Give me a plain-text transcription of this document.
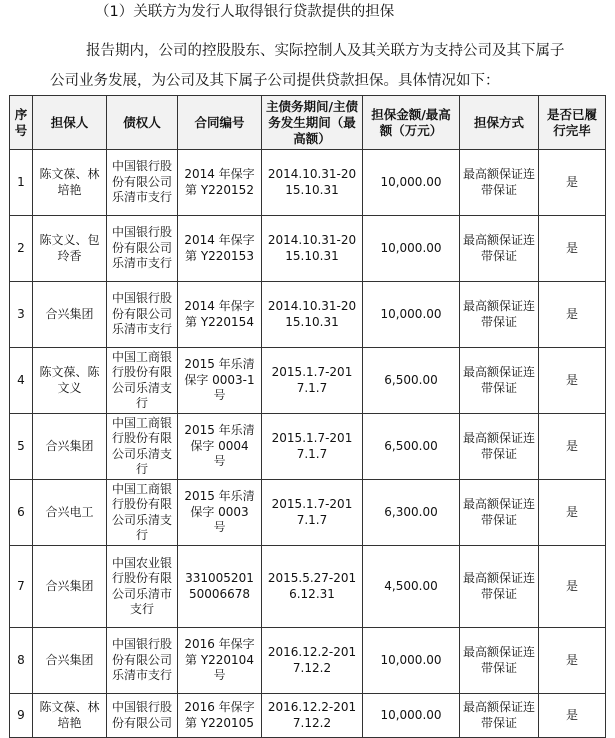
（1）关联方为发行人取得银行贷款提供的担保
报告期内，公司的控股股东、实际控制人及其关联方为支持公司及其下属子
公司业务发展，为公司及其下属子公司提供贷款担保。具体情况如下：
序号	担保人	债权人	合同编号	主债务期间/主债务发生期间（最高额）	担保金额/最高额（万元）	担保方式	是否已履行完毕
1	陈文葆、林培艳	中国银行股份有限公司乐清市支行	2014 年保字第 Y220152	2014.10.31-2015.10.31	10,000.00	最高额保证连带保证	是
2	陈文义、包玲香	中国银行股份有限公司乐清市支行	2014 年保字第 Y220153	2014.10.31-2015.10.31	10,000.00	最高额保证连带保证	是
3	合兴集团	中国银行股份有限公司乐清市支行	2014 年保字第 Y220154	2014.10.31-2015.10.31	10,000.00	最高额保证连带保证	是
4	陈文葆、陈文义	中国工商银行股份有限公司乐清支行	2015 年乐清保字 0003-1 号	2015.1.7-2017.1.7	6,500.00	最高额保证连带保证	是
5	合兴集团	中国工商银行股份有限公司乐清支行	2015 年乐清保字 0004 号	2015.1.7-2017.1.7	6,500.00	最高额保证连带保证	是
6	合兴电工	中国工商银行股份有限公司乐清支行	2015 年乐清保字 0003 号	2015.1.7-2017.1.7	6,300.00	最高额保证连带保证	是
7	合兴集团	中国农业银行股份有限公司乐清市支行	33100520150006678	2015.5.27-2016.12.31	4,500.00	最高额保证连带保证	是
8	合兴集团	中国银行股份有限公司乐清市支行	2016 年保字第 Y220104 号	2016.12.2-2017.12.2	10,000.00	最高额保证连带保证	是
9	陈文葆、林培艳	中国银行股份有限公司	2016 年保字第 Y220105	2016.12.2-2017.12.2	10,000.00	最高额保证连带保证	是
